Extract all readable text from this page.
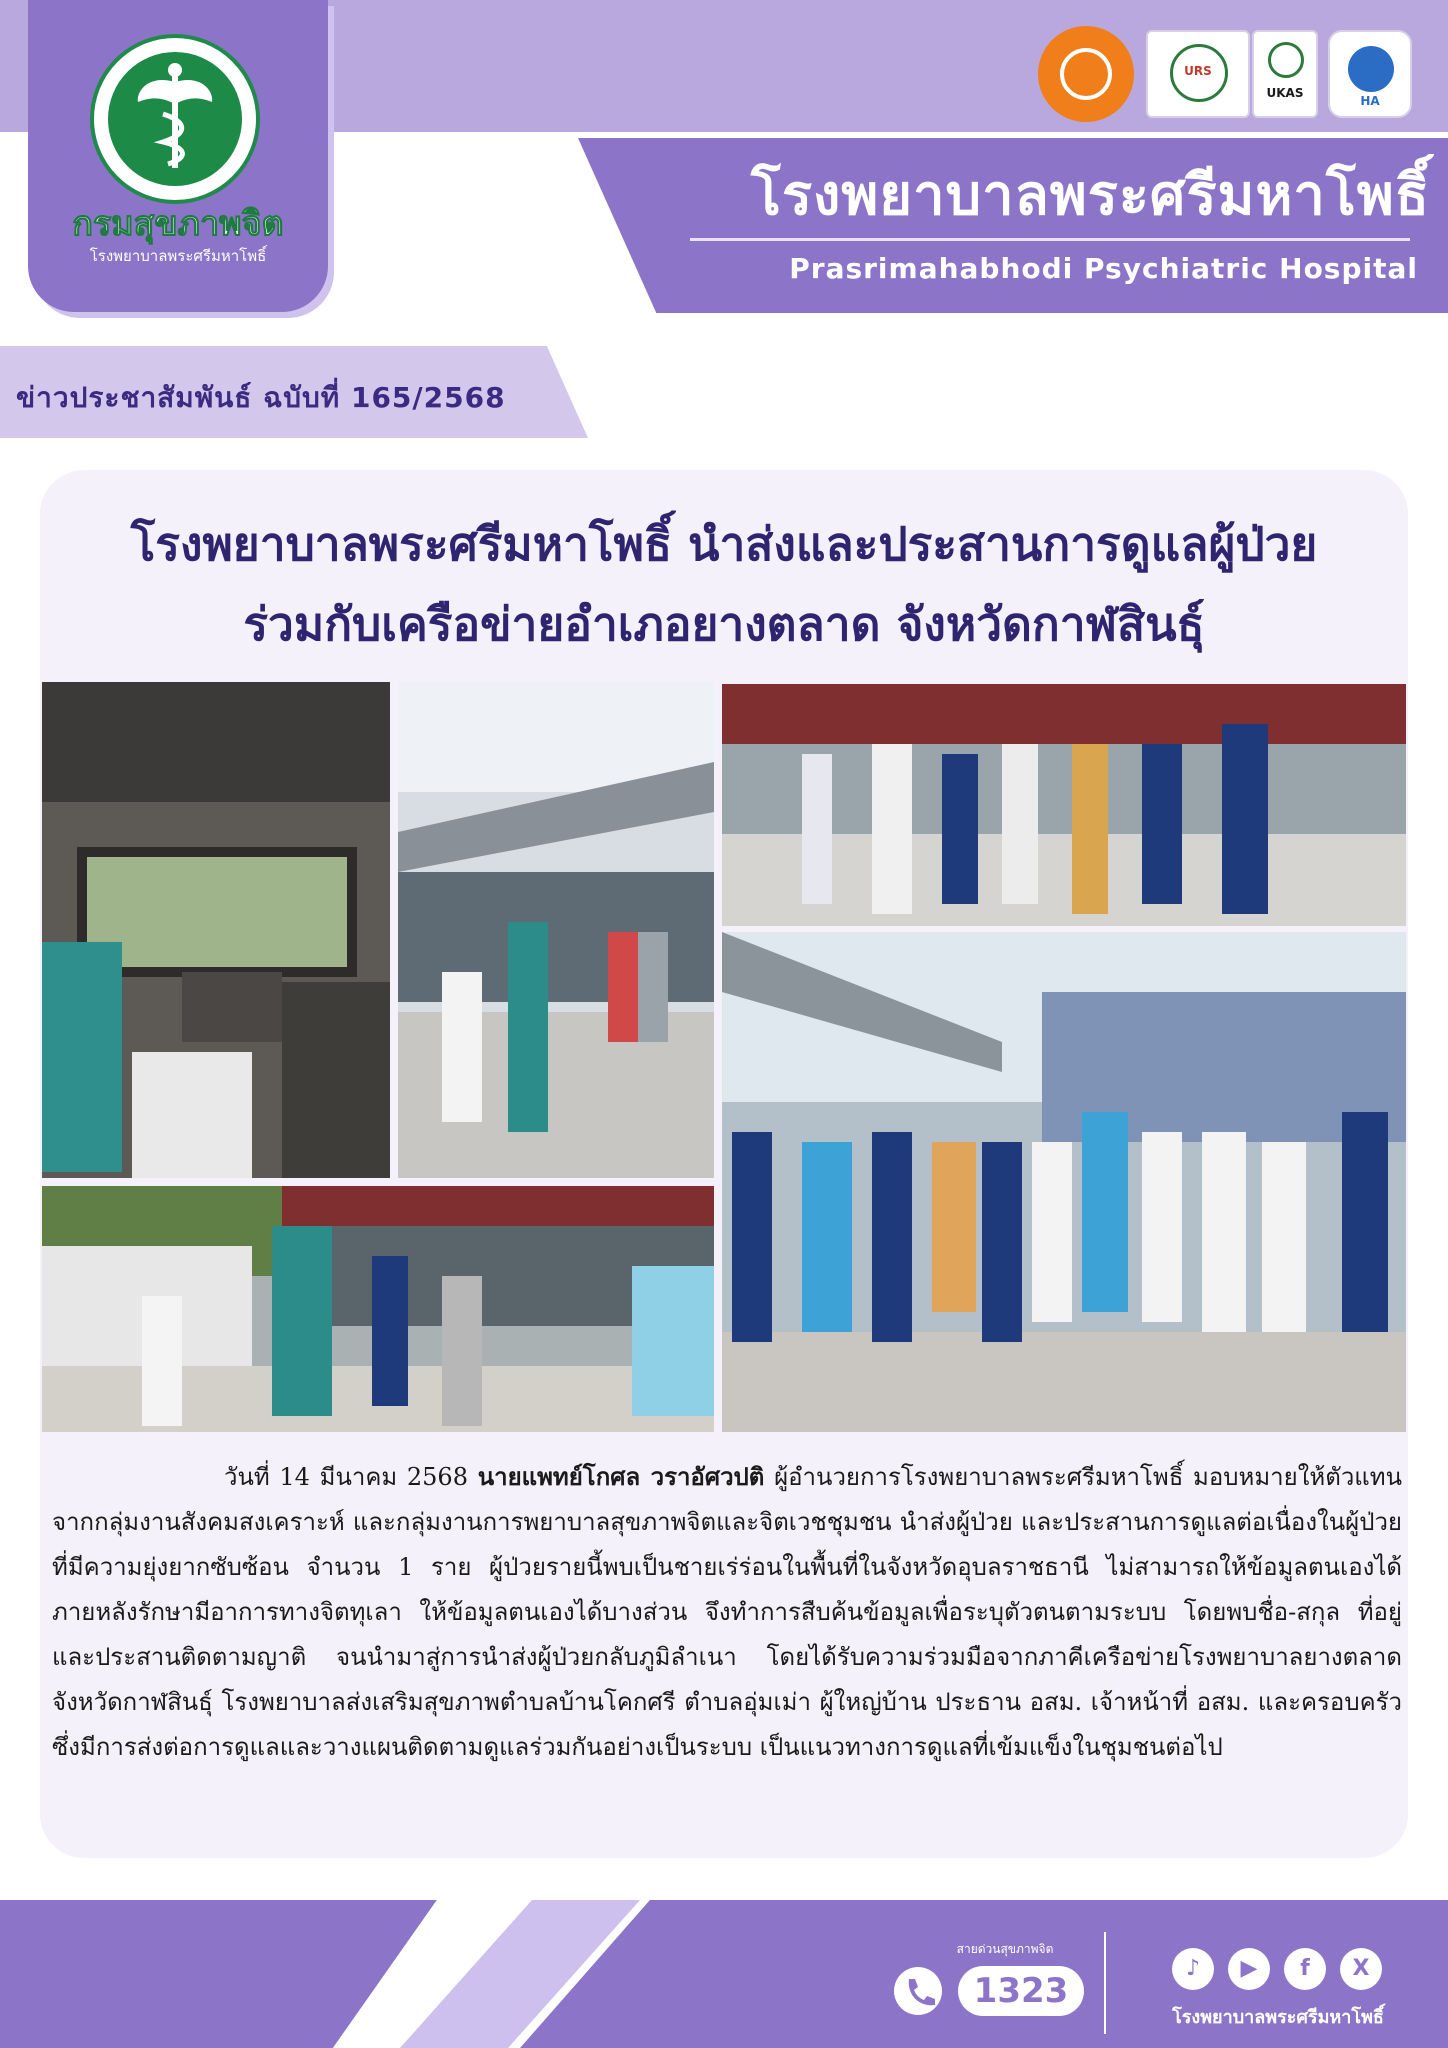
กรมสุขภาพจิต
โรงพยาบาลพระศรีมหาโพธิ์
URS
UKAS
HA
โรงพยาบาลพระศรีมหาโพธิ์
Prasrimahabhodi Psychiatric Hospital
ข่าวประชาสัมพันธ์ ฉบับที่ 165/2568
โรงพยาบาลพระศรีมหาโพธิ์ นำส่งและประสานการดูแลผู้ป่วย
ร่วมกับเครือข่ายอำเภอยางตลาด จังหวัดกาฬสินธุ์
วันที่ 14 มีนาคม 2568 นายแพทย์โกศล วราอัศวปติ ผู้อำนวยการโรงพยาบาลพระศรีมหาโพธิ์ มอบหมายให้ตัวแทนจากกลุ่มงานสังคมสงเคราะห์ และกลุ่มงานการพยาบาลสุขภาพจิตและจิตเวชชุมชน นำส่งผู้ป่วย และประสานการดูแลต่อเนื่องในผู้ป่วยที่มีความยุ่งยากซับซ้อน จำนวน 1 ราย ผู้ป่วยรายนี้พบเป็นชายเร่ร่อนในพื้นที่ในจังหวัดอุบลราชธานี ไม่สามารถให้ข้อมูลตนเองได้ ภายหลังรักษามีอาการทางจิตทุเลา ให้ข้อมูลตนเองได้บางส่วน จึงทำการสืบค้นข้อมูลเพื่อระบุตัวตนตามระบบ โดยพบชื่อ-สกุล ที่อยู่ และประสานติดตามญาติ จนนำมาสู่การนำส่งผู้ป่วยกลับภูมิลำเนา โดยได้รับความร่วมมือจากภาคีเครือข่ายโรงพยาบาลยางตลาด จังหวัดกาฬสินธุ์ โรงพยาบาลส่งเสริมสุขภาพตำบลบ้านโคกศรี ตำบลอุ่มเม่า ผู้ใหญ่บ้าน ประธาน อสม. เจ้าหน้าที่ อสม. และครอบครัว ซึ่งมีการส่งต่อการดูแลและวางแผนติดตามดูแลร่วมกันอย่างเป็นระบบ เป็นแนวทางการดูแลที่เข้มแข็งในชุมชนต่อไป
สายด่วนสุขภาพจิต
1323
♪	▶	f	X
โรงพยาบาลพระศรีมหาโพธิ์
